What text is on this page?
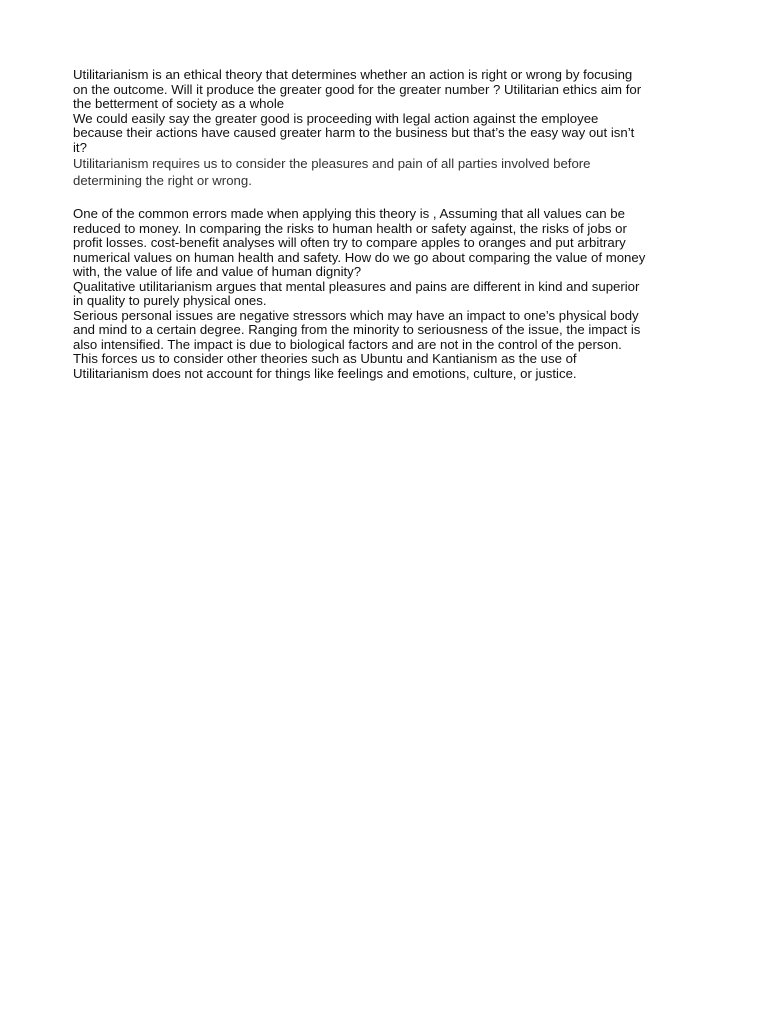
Utilitarianism is an ethical theory that determines whether an action is right or wrong by focusing
on the outcome. Will it produce the greater good for the greater number ? Utilitarian ethics aim for
the betterment of society as a whole
We could easily say the greater good is proceeding with legal action against the employee
because their actions have caused greater harm to the business but that’s the easy way out isn’t
it?

Utilitarianism requires us to consider the pleasures and pain of all parties involved before
determining the right or wrong.

One of the common errors made when applying this theory is , Assuming that all values can be
reduced to money. In comparing the risks to human health or safety against, the risks of jobs or
profit losses. cost-benefit analyses will often try to compare apples to oranges and put arbitrary
numerical values on human health and safety. How do we go about comparing the value of money
with, the value of life and value of human dignity?
Qualitative utilitarianism argues that mental pleasures and pains are different in kind and superior
in quality to purely physical ones.
Serious personal issues are negative stressors which may have an impact to one’s physical body
and mind to a certain degree. Ranging from the minority to seriousness of the issue, the impact is
also intensified. The impact is due to biological factors and are not in the control of the person.
This forces us to consider other theories such as Ubuntu and Kantianism as the use of
Utilitarianism does not account for things like feelings and emotions, culture, or justice.
